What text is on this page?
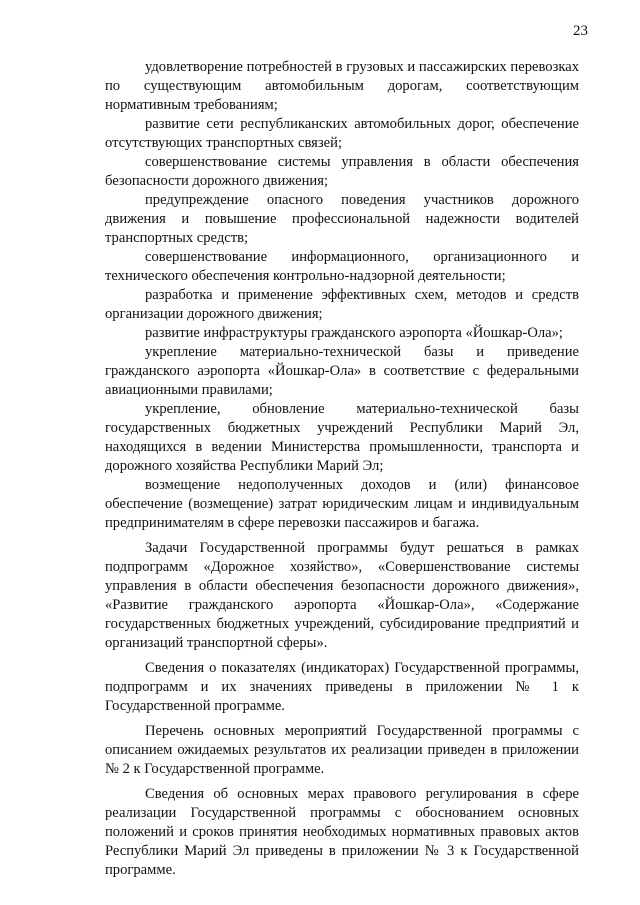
23

удовлетворение потребностей в грузовых и пассажирских перевозках по существующим автомобильным дорогам, соответствующим нормативным требованиям;

развитие сети республиканских автомобильных дорог, обеспечение отсутствующих транспортных связей;

совершенствование системы управления в области обеспечения безопасности дорожного движения;

предупреждение опасного поведения участников дорожного движения и повышение профессиональной надежности водителей транспортных средств;

совершенствование информационного, организационного и технического обеспечения контрольно-надзорной деятельности;

разработка и применение эффективных схем, методов и средств организации дорожного движения;

развитие инфраструктуры гражданского аэропорта «Йошкар-Ола»;

укрепление материально-технической базы и приведение гражданского аэропорта «Йошкар-Ола» в соответствие с федеральными авиационными правилами;

укрепление, обновление материально-технической базы государственных бюджетных учреждений Республики Марий Эл, находящихся в ведении Министерства промышленности, транспорта и дорожного хозяйства Республики Марий Эл;

возмещение недополученных доходов и (или) финансовое обеспечение (возмещение) затрат юридическим лицам и индивидуальным предпринимателям в сфере перевозки пассажиров и багажа.

Задачи Государственной программы будут решаться в рамках подпрограмм «Дорожное хозяйство», «Совершенствование системы управления в области обеспечения безопасности дорожного движения», «Развитие гражданского аэропорта «Йошкар-Ола», «Содержание государственных бюджетных учреждений, субсидирование предприятий и организаций транспортной сферы».

Сведения о показателях (индикаторах) Государственной программы, подпрограмм и их значениях приведены в приложении № 1 к Государственной программе.

Перечень основных мероприятий Государственной программы с описанием ожидаемых результатов их реализации приведен в приложении № 2 к Государственной программе.

Сведения об основных мерах правового регулирования в сфере реализации Государственной программы с обоснованием основных положений и сроков принятия необходимых нормативных правовых актов Республики Марий Эл приведены в приложении № 3 к Государственной программе.
